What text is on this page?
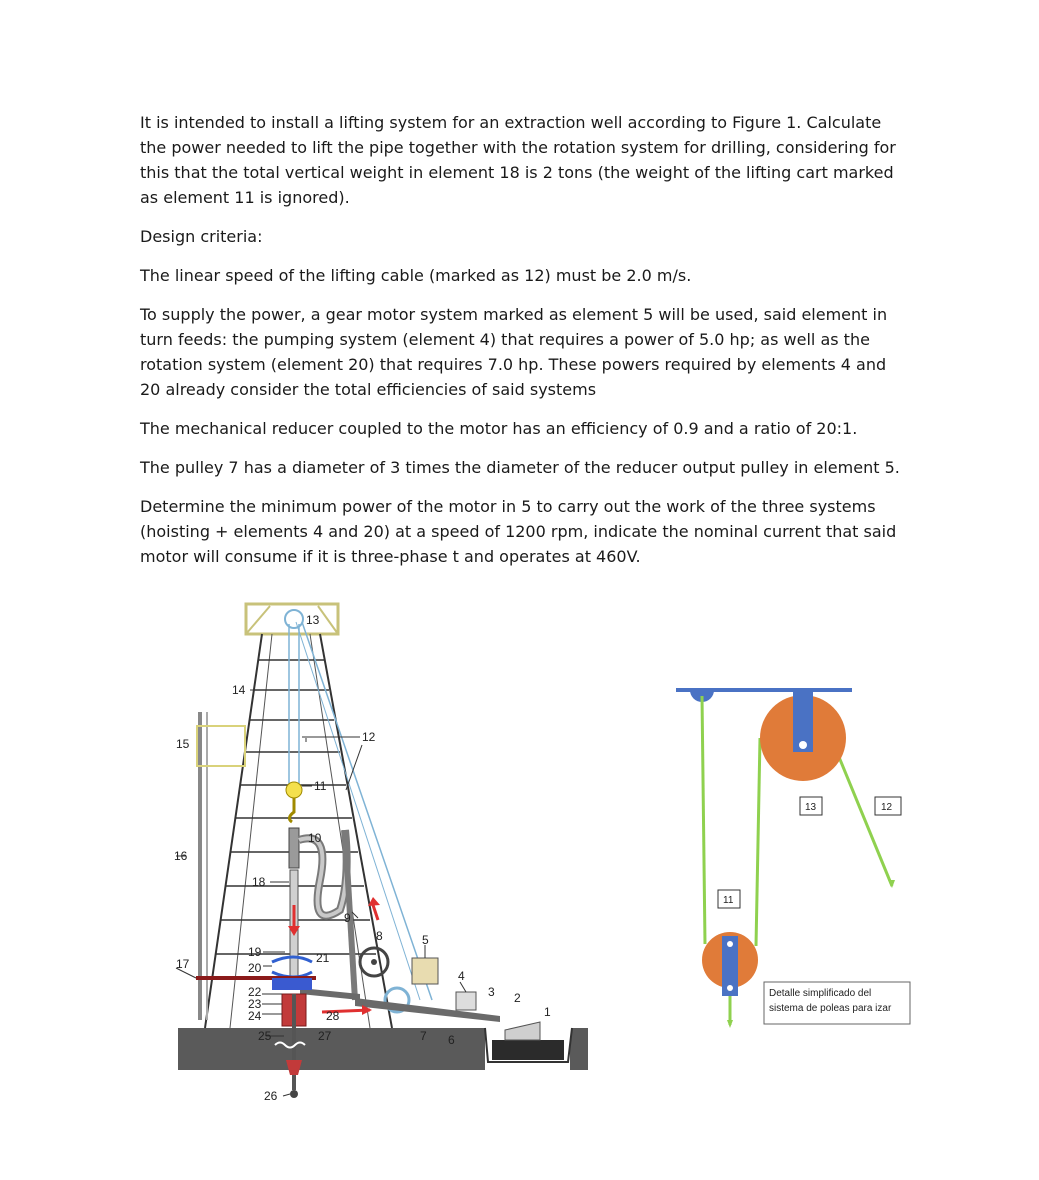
It is intended to install a lifting system for an extraction well according to Figure 1. Calculate the power needed to lift the pipe together with the rotation system for drilling, considering for this that the total vertical weight in element 18 is 2 tons (the weight of the lifting cart marked as element 11 is ignored).

Design criteria:

The linear speed of the lifting cable (marked as 12) must be 2.0 m/s.

To supply the power, a gear motor system marked as element 5 will be used, said element in turn feeds: the pumping system (element 4) that requires a power of 5.0 hp; as well as the rotation system (element 20) that requires 7.0 hp. These powers required by elements 4 and 20 already consider the total efficiencies of said systems

The mechanical reducer coupled to the motor has an efficiency of 0.9 and a ratio of 20:1.

The pulley 7 has a diameter of 3 times the diameter of the reducer output pulley in element 5.

Determine the minimum power of the motor in 5 to carry out the work of the three systems (hoisting + elements 4 and 20) at a speed of 1200 rpm, indicate the nominal current that said motor will consume if it is three-phase t and operates at 460V.

13
14
15	12
11
16
10
18
9
8	5
19	21
20
17
4
3 2
22
23
24	28	1
25	27	7 6
26
13	12
11
Detalle simplificado del
sistema de poleas para izar
